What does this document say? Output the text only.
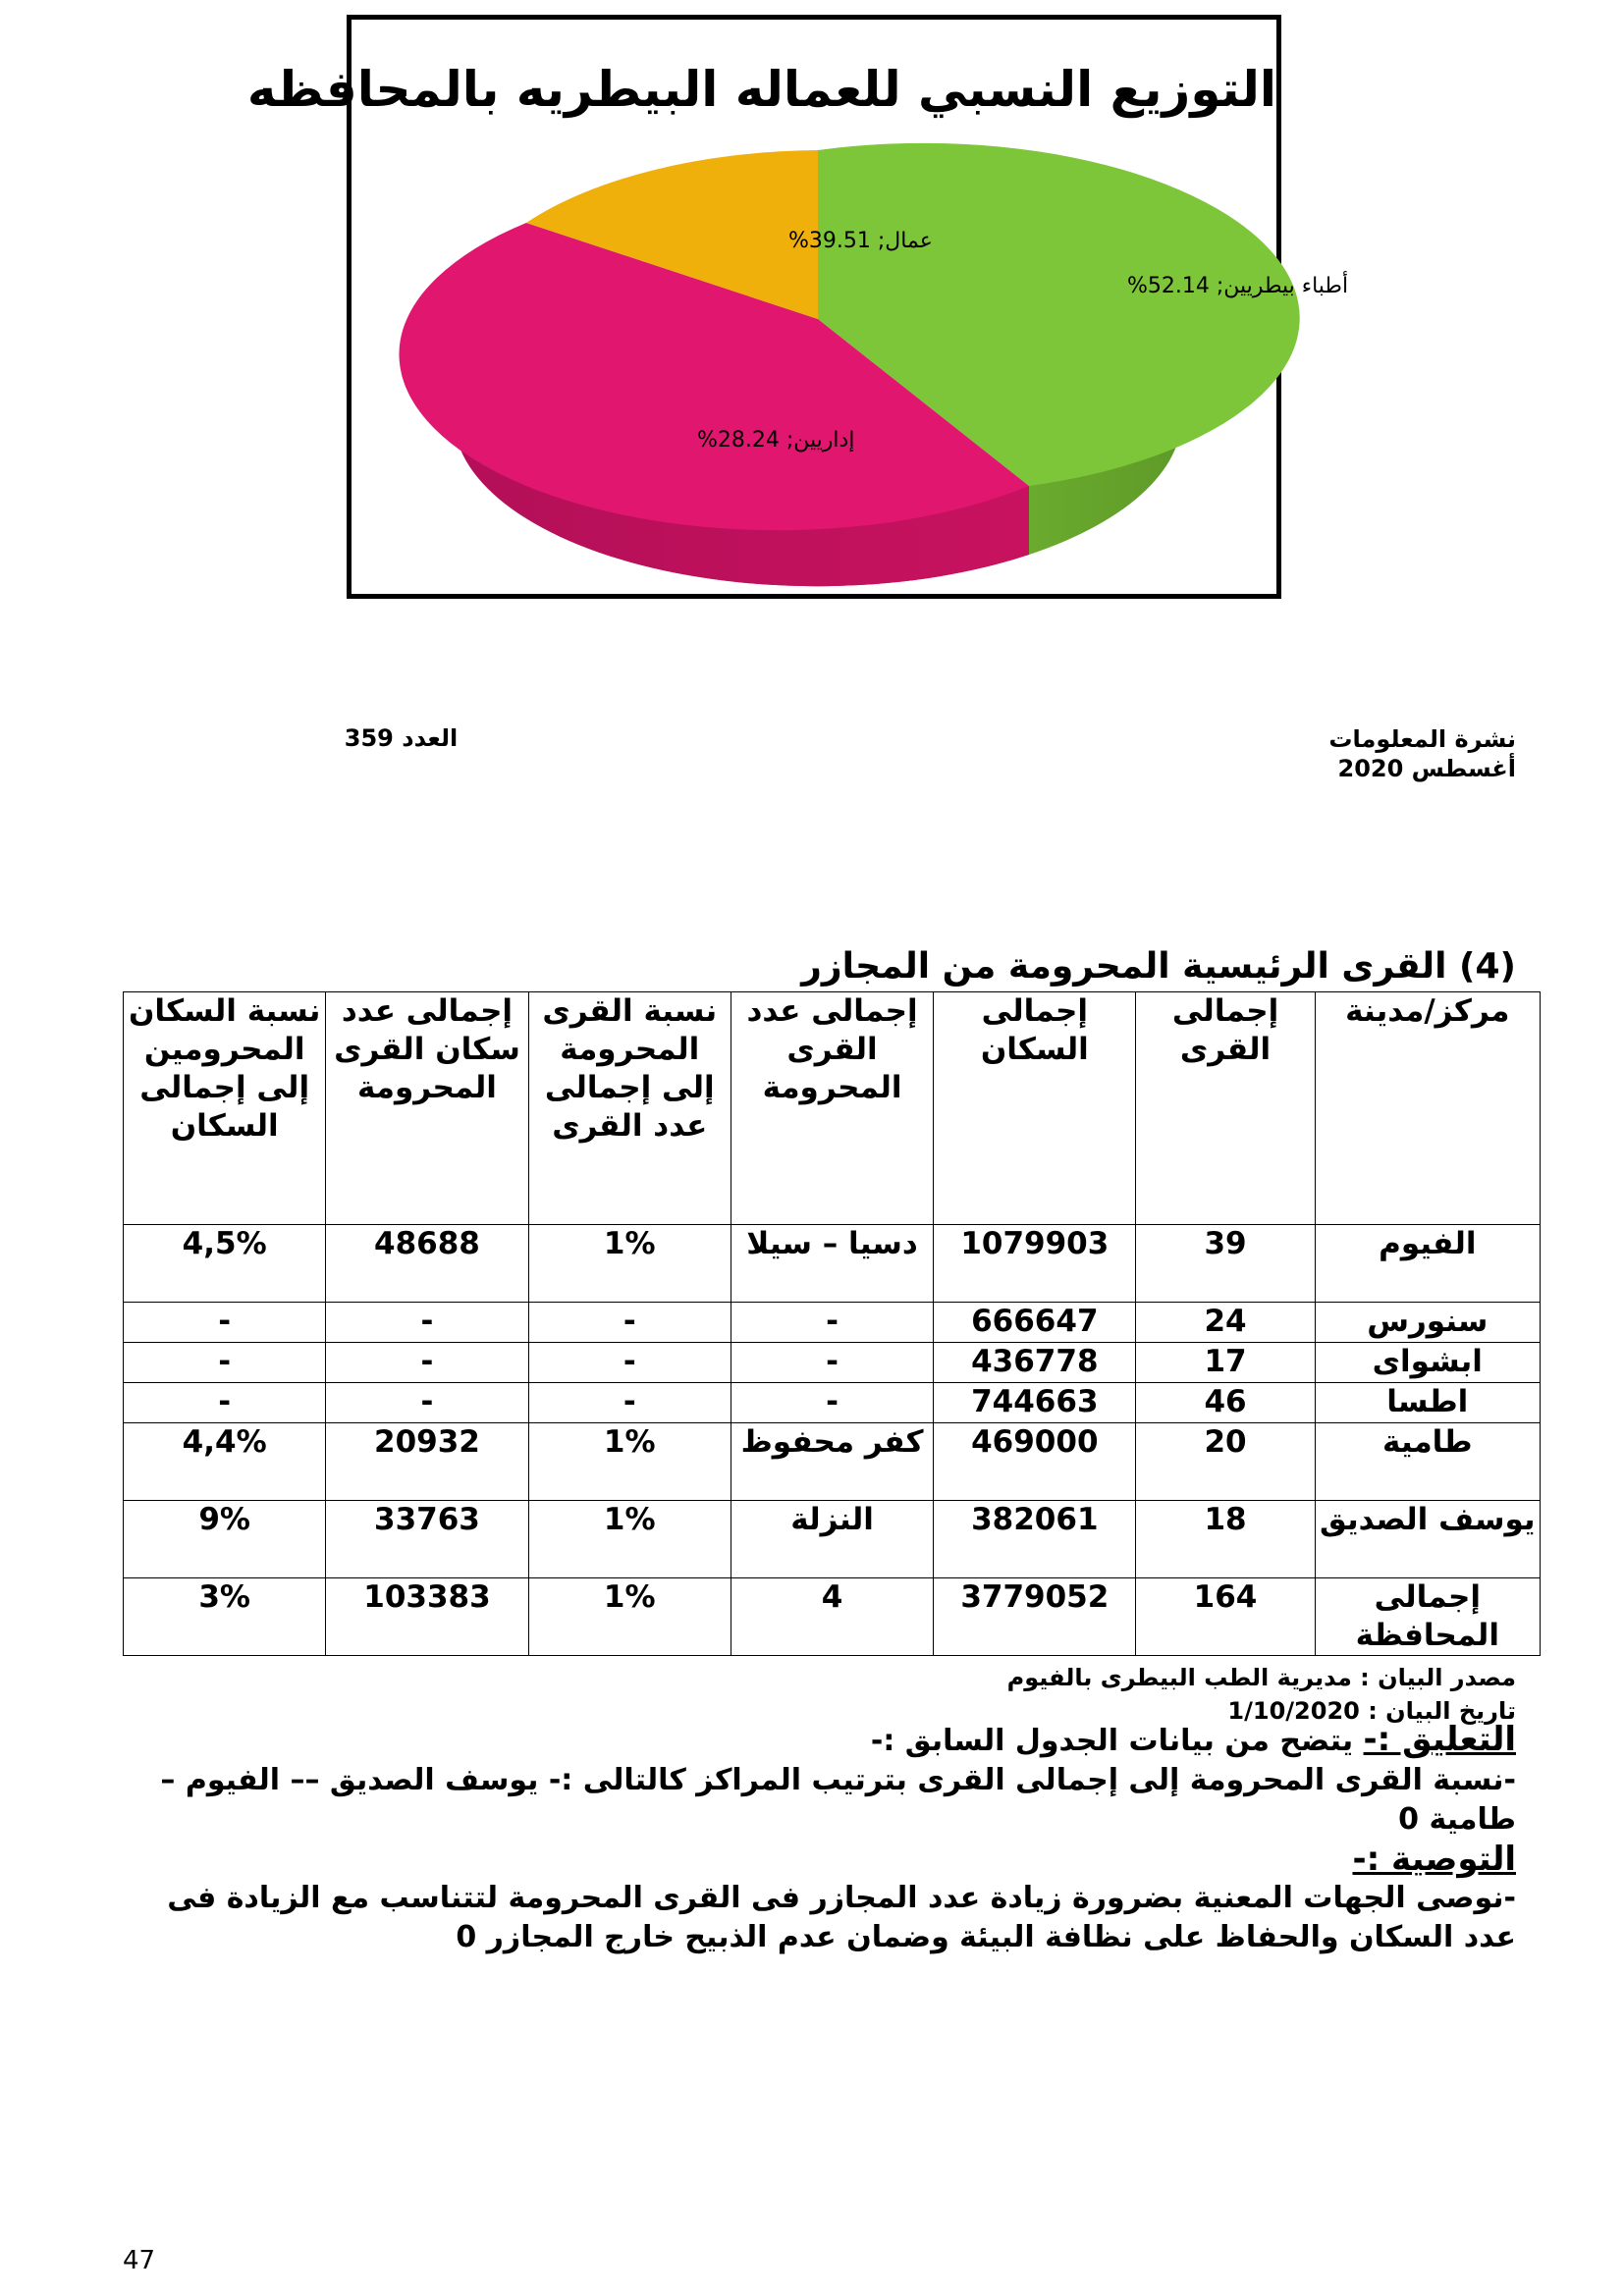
عمال; 39.51%
أطباء بيطريين; 52.14%
إداريين; 28.24%
التوزيع النسبي للعماله البيطريه بالمحافظه
العدد 359	نشرة المعلومات
أغسطس 2020
(4) القرى الرئيسية المحرومة من المجازر
مركز/مدينة	إجمالى القرى	إجمالى السكان	إجمالى عدد القرى المحرومة	نسبة القرى المحرومة إلى إجمالى عدد القرى	إجمالى عدد سكان القرى المحرومة	نسبة السكان المحرومين إلى إجمالى السكان
الفيوم	39	1079903	دسيا – سيلا	1%	48688	4,5%
سنورس	24	666647	-	-	-	-
ابشواى	17	436778	-	-	-	-
اطسا	46	744663	-	-	-	-
طامية	20	469000	كفر محفوظ	1%	20932	4,4%
يوسف الصديق	18	382061	النزلة	1%	33763	9%
إجمالى المحافظة	164	3779052	4	1%	103383	3%
مصدر البيان : مديرية الطب البيطرى بالفيوم
تاريخ البيان : 1/10/2020
التعليق :- يتضح من بيانات الجدول السابق :-
-نسبة القرى المحرومة إلى إجمالى القرى بترتيب المراكز كالتالى :- يوسف الصديق –– الفيوم – طامية 0
التوصية :-
-نوصى الجهات المعنية بضرورة زيادة عدد المجازر فى القرى المحرومة لتتناسب مع الزيادة فى عدد السكان والحفاظ على نظافة البيئة وضمان عدم الذبيح خارج المجازر 0
47
